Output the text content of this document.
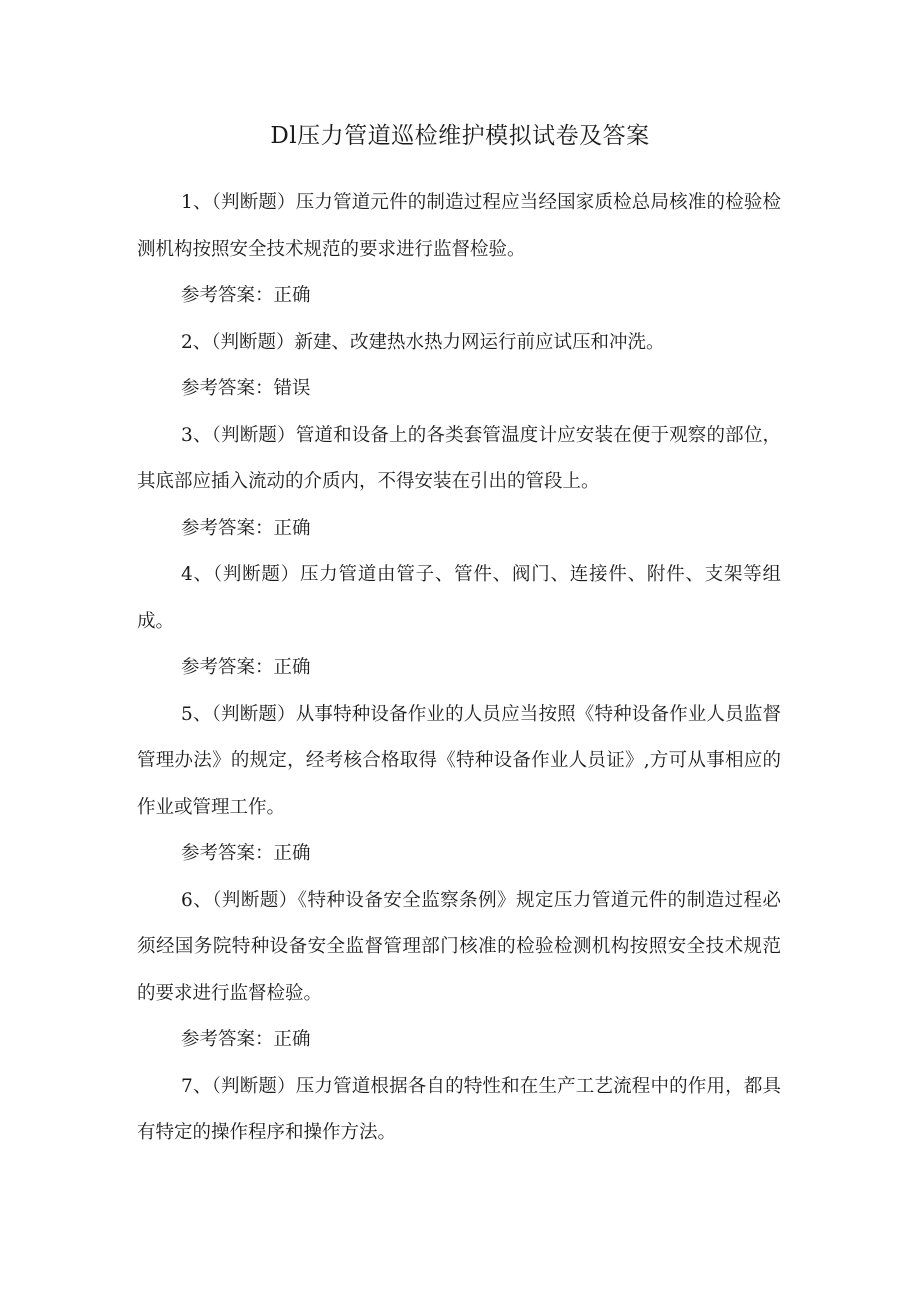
Dl压力管道巡检维护模拟试卷及答案

1、（判断题）压力管道元件的制造过程应当经国家质检总局核准的检验检测机构按照安全技术规范的要求进行监督检验。

参考答案：正确

2、（判断题）新建、改建热水热力网运行前应试压和冲洗。

参考答案：错误

3、（判断题）管道和设备上的各类套管温度计应安装在便于观察的部位，其底部应插入流动的介质内，不得安装在引出的管段上。

参考答案：正确

4、（判断题）压力管道由管子、管件、阀门、连接件、附件、支架等组成。

参考答案：正确

5、（判断题）从事特种设备作业的人员应当按照《特种设备作业人员监督管理办法》的规定，经考核合格取得《特种设备作业人员证》,方可从事相应的作业或管理工作。

参考答案：正确

6、（判断题）《特种设备安全监察条例》规定压力管道元件的制造过程必须经国务院特种设备安全监督管理部门核准的检验检测机构按照安全技术规范的要求进行监督检验。

参考答案：正确

7、（判断题）压力管道根据各自的特性和在生产工艺流程中的作用，都具有特定的操作程序和操作方法。
